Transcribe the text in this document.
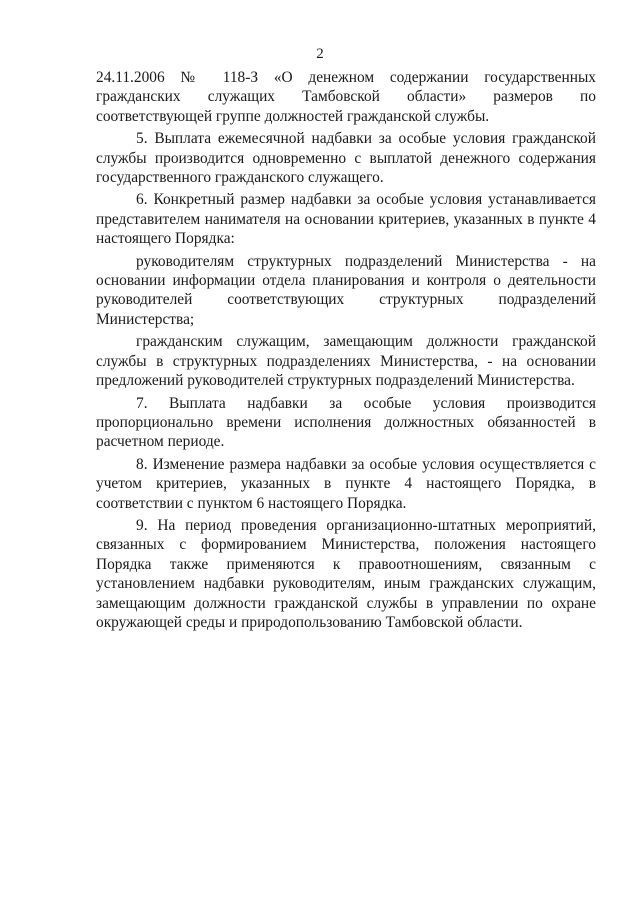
2

24.11.2006 № 118-З «О денежном содержании государственных гражданских служащих Тамбовской области» размеров по соответствующей группе должностей гражданской службы.

5. Выплата ежемесячной надбавки за особые условия гражданской службы производится одновременно с выплатой денежного содержания государственного гражданского служащего.

6. Конкретный размер надбавки за особые условия устанавливается представителем нанимателя на основании критериев, указанных в пункте 4 настоящего Порядка:

руководителям структурных подразделений Министерства - на основании информации отдела планирования и контроля о деятельности руководителей соответствующих структурных подразделений Министерства;

гражданским служащим, замещающим должности гражданской службы в структурных подразделениях Министерства, - на основании предложений руководителей структурных подразделений Министерства.

7. Выплата надбавки за особые условия производится пропорционально времени исполнения должностных обязанностей в расчетном периоде.

8. Изменение размера надбавки за особые условия осуществляется с учетом критериев, указанных в пункте 4 настоящего Порядка, в соответствии с пунктом 6 настоящего Порядка.

9. На период проведения организационно-штатных мероприятий, связанных с формированием Министерства, положения настоящего Порядка также применяются к правоотношениям, связанным с установлением надбавки руководителям, иным гражданских служащим, замещающим должности гражданской службы в управлении по охране окружающей среды и природопользованию Тамбовской области.
